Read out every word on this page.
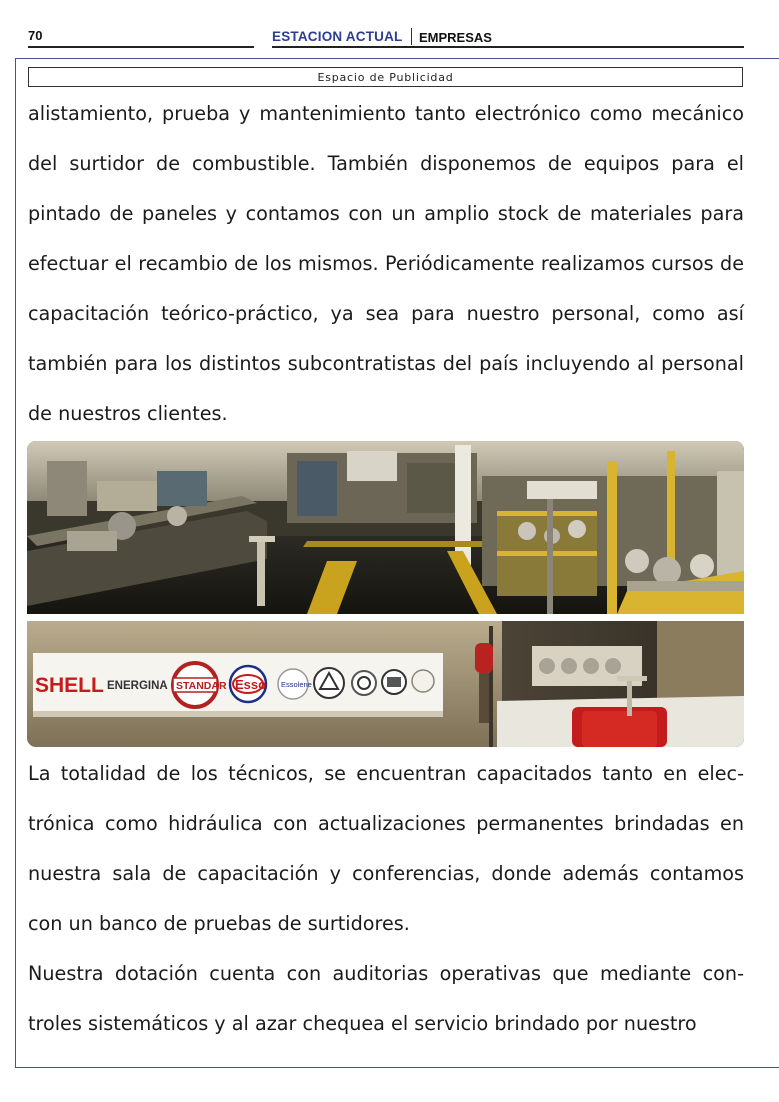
70	ESTACION ACTUAL EMPRESAS
Espacio de Publicidad

alistamiento, prueba y mantenimiento tanto electrónico como mecánico del surtidor de combustible. También disponemos de equipos para el pintado de paneles y contamos con un amplio stock de materiales para efectuar el recambio de los mismos. Periódicamente realizamos cursos de capacitación teórico-práctico, ya sea para nuestro personal, como así también para los distintos subcontratistas del país incluyendo al personal de nuestros clientes.

SHELL ENERGINA STANDAR Esso Essolene

La totalidad de los técnicos, se encuentran capacitados tanto en electrónica como hidráulica con actualizaciones permanentes brindadas en nuestra sala de capacitación y conferencias, donde además contamos con un banco de pruebas de surtidores.

Nuestra dotación cuenta con auditorias operativas que mediante controles sistemáticos y al azar chequea el servicio brindado por nuestro
